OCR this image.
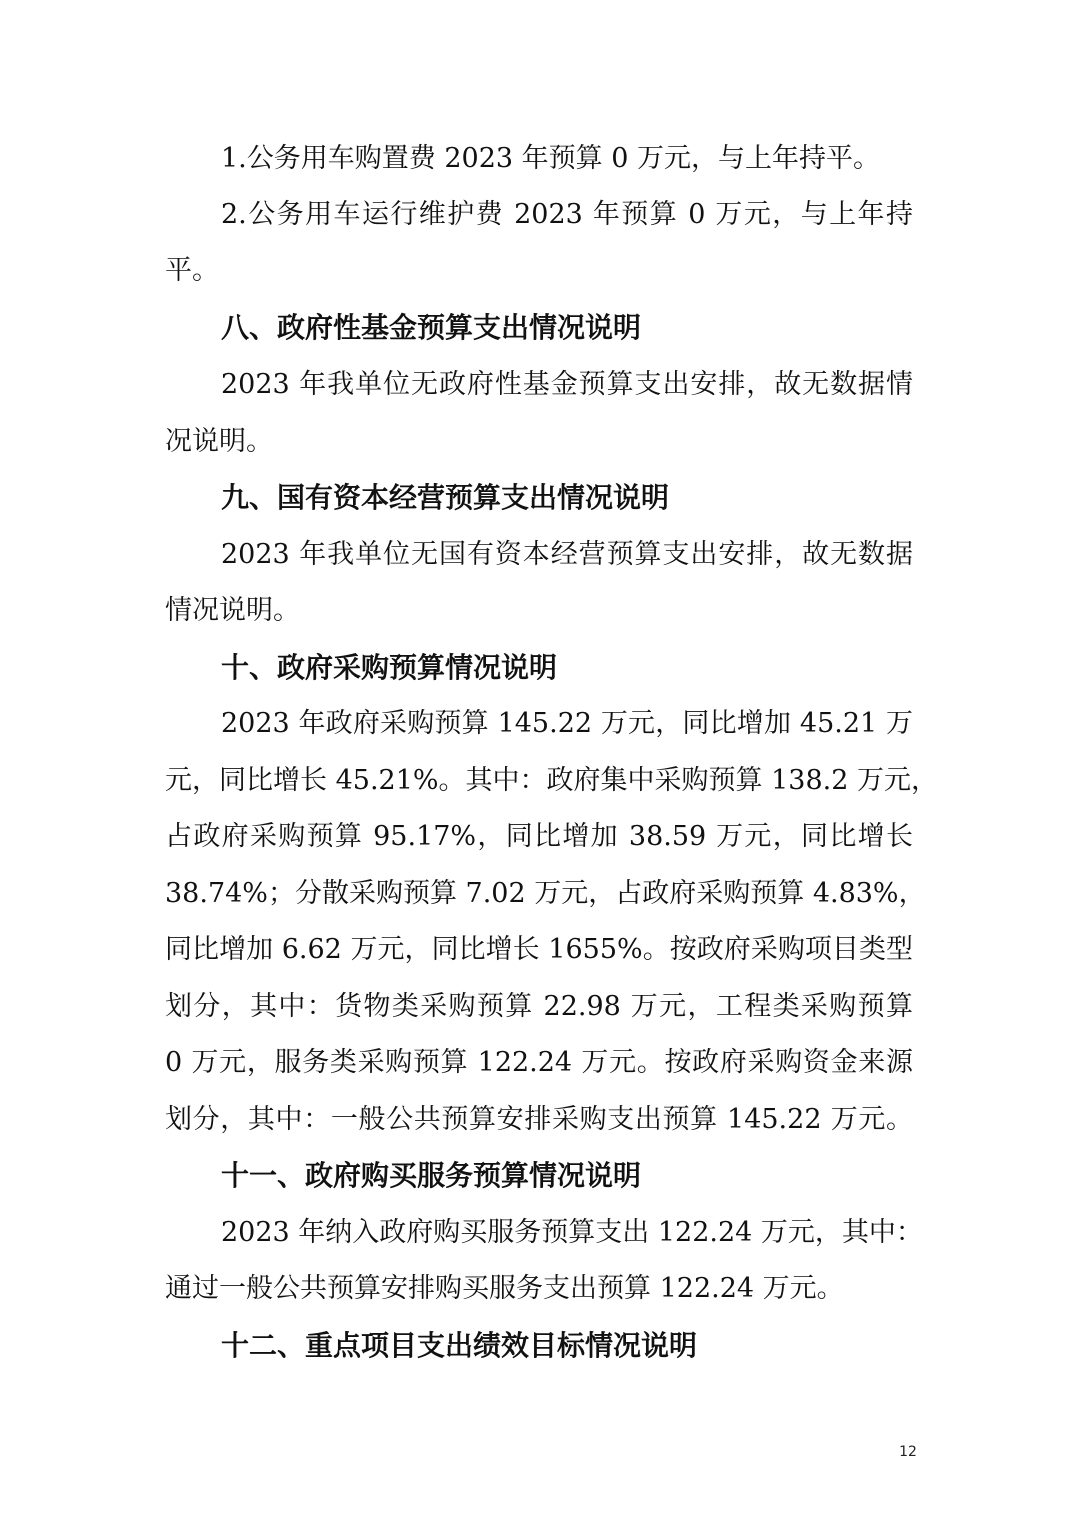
1.公务用车购置费 2023 年预算 0 万元，与上年持平。
2.公务用车运行维护费 2023 年预算 0 万元，与上年持
平。
八、政府性基金预算支出情况说明
2023 年我单位无政府性基金预算支出安排，故无数据情
况说明。
九、国有资本经营预算支出情况说明
2023 年我单位无国有资本经营预算支出安排，故无数据
情况说明。
十、政府采购预算情况说明
2023 年政府采购预算 145.22 万元，同比增加 45.21 万
元，同比增长 45.21%。其中：政府集中采购预算 138.2 万元，
占政府采购预算 95.17%，同比增加 38.59 万元，同比增长
38.74%；分散采购预算 7.02 万元，占政府采购预算 4.83%，
同比增加 6.62 万元，同比增长 1655%。按政府采购项目类型
划分，其中：货物类采购预算 22.98 万元，工程类采购预算
0 万元，服务类采购预算 122.24 万元。按政府采购资金来源
划分，其中：一般公共预算安排采购支出预算 145.22 万元。
十一、政府购买服务预算情况说明
2023 年纳入政府购买服务预算支出 122.24 万元，其中：
通过一般公共预算安排购买服务支出预算 122.24 万元。
十二、重点项目支出绩效目标情况说明
12
